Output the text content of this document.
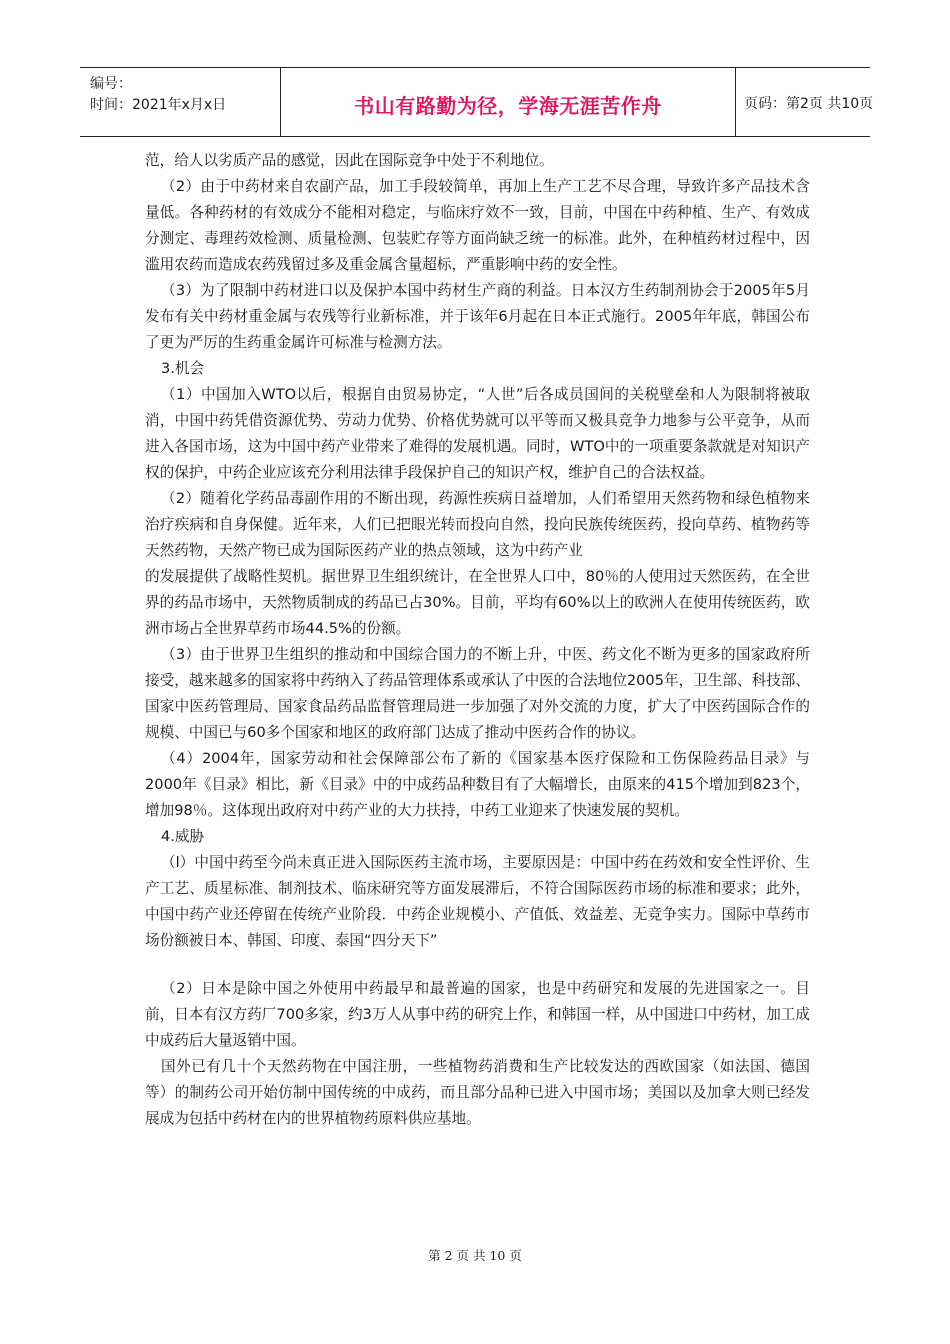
编号：
时间：2021年x月x日	书山有路勤为径，学海无涯苦作舟	页码：第2页 共10页

范，给人以劣质产品的感觉，因此在国际竞争中处于不利地位。

（2）由于中药材来自农副产品，加工手段较简单，再加上生产工艺不尽合理，导致许多产品技术含量低。各种药材的有效成分不能相对稳定，与临床疗效不一致，目前，中国在中药种植、生产、有效成分测定、毒理药效检测、质量检测、包装贮存等方面尚缺乏统一的标准。此外，在种植药材过程中，因滥用农药而造成农药残留过多及重金属含量超标，严重影响中药的安全性。

（3）为了限制中药材进口以及保护本国中药材生产商的利益。日本汉方生药制剂协会于2005年5月发布有关中药材重金属与农残等行业新标准，并于该年6月起在日本正式施行。2005年年底，韩国公布了更为严厉的生药重金属许可标准与检测方法。

3.机会

（1）中国加入WTO以后，根据自由贸易协定，“人世”后各成员国间的关税壁垒和人为限制将被取消，中国中药凭借资源优势、劳动力优势、价格优势就可以平等而又极具竞争力地参与公平竞争，从而进入各国市场，这为中国中药产业带来了难得的发展机遇。同时，WTO中的一项重要条款就是对知识产权的保护，中药企业应该充分利用法律手段保护自己的知识产权，维护自己的合法权益。

（2）随着化学药品毒副作用的不断出现，药源性疾病日益增加，人们希望用天然药物和绿色植物来治疗疾病和自身保健。近年来，人们已把眼光转而投向自然，投向民族传统医药，投向草药、植物药等天然药物，天然产物已成为国际医药产业的热点领域，这为中药产业

的发展提供了战略性契机。据世界卫生组织统计，在全世界人口中，80％的人使用过天然医药，在全世界的药品市场中，天然物质制成的药品已占30%。目前，平均有60%以上的欧洲人在使用传统医药，欧洲市场占全世界草药市场44.5%的份额。

（3）由于世界卫生组织的推动和中国综合国力的不断上升，中医、药文化不断为更多的国家政府所接受，越来越多的国家将中药纳入了药品管理体系或承认了中医的合法地位2005年，卫生部、科技部、国家中医药管理局、国家食品药品监督管理局进一步加强了对外交流的力度，扩大了中医药国际合作的规模、中国已与60多个国家和地区的政府部门达成了推动中医药合作的协议。

（4）2004年，国家劳动和社会保障部公布了新的《国家基本医疗保险和工伤保险药品目录》与2000年《目录》相比，新《目录》中的中成药品种数目有了大幅增长，由原来的415个增加到823个，增加98％。这体现出政府对中药产业的大力扶持，中药工业迎来了快速发展的契机。

4.威胁

（l）中国中药至今尚未真正进入国际医药主流市场，主要原因是：中国中药在药效和安全性评价、生产工艺、质星标准、制剂技术、临床研究等方面发展滞后，不符合国际医药市场的标准和要求；此外，中国中药产业还停留在传统产业阶段．中药企业规模小、产值低、效益差、无竞争实力。国际中草药市场份额被日本、韩国、印度、泰国“四分天下”

（2）日本是除中国之外使用中药最早和最普遍的国家，也是中药研究和发展的先进国家之一。目前，日本有汉方药厂700多家，约3万人从事中药的研究上作，和韩国一样，从中国进口中药材，加工成中成药后大量返销中国。

国外已有几十个天然药物在中国注册，一些植物药消费和生产比较发达的西欧国家（如法国、德国等）的制药公司开始仿制中国传统的中成药，而且部分品种已进入中国市场；美国以及加拿大则已经发展成为包括中药材在内的世界植物药原料供应基地。

第 2 页 共 10 页
